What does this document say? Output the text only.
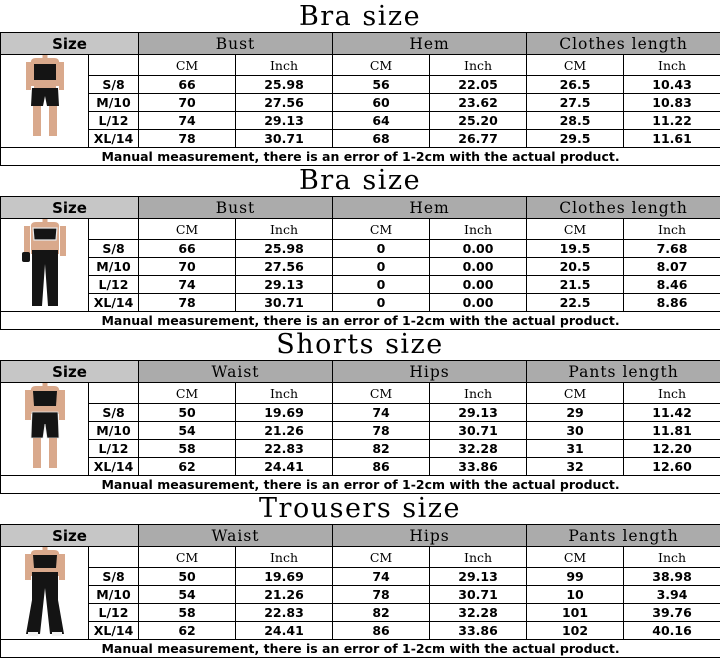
Bra size
Size		Bust		Hem		Clothes length	

		CM	Inch	CM	Inch	CM	Inch
	S/8	66	25.98	56	22.05	26.5	10.43
	M/10	70	27.56	60	23.62	27.5	10.83
	L/12	74	29.13	64	25.20	28.5	11.22
	XL/14	78	30.71	68	26.77	29.5	11.61
Manual measurement, there is an error of 1-2cm with the actual product.							
Bra size
Size		Bust		Hem		Clothes length	

		CM	Inch	CM	Inch	CM	Inch
	S/8	66	25.98	0	0.00	19.5	7.68
	M/10	70	27.56	0	0.00	20.5	8.07
	L/12	74	29.13	0	0.00	21.5	8.46
	XL/14	78	30.71	0	0.00	22.5	8.86
Manual measurement, there is an error of 1-2cm with the actual product.							
Shorts size
Size		Waist		Hips		Pants length	

		CM	Inch	CM	Inch	CM	Inch
	S/8	50	19.69	74	29.13	29	11.42
	M/10	54	21.26	78	30.71	30	11.81
	L/12	58	22.83	82	32.28	31	12.20
	XL/14	62	24.41	86	33.86	32	12.60
Manual measurement, there is an error of 1-2cm with the actual product.							
Trousers size
Size		Waist		Hips		Pants length	

		CM	Inch	CM	Inch	CM	Inch
	S/8	50	19.69	74	29.13	99	38.98
	M/10	54	21.26	78	30.71	10	3.94
	L/12	58	22.83	82	32.28	101	39.76
	XL/14	62	24.41	86	33.86	102	40.16
Manual measurement, there is an error of 1-2cm with the actual product.							
